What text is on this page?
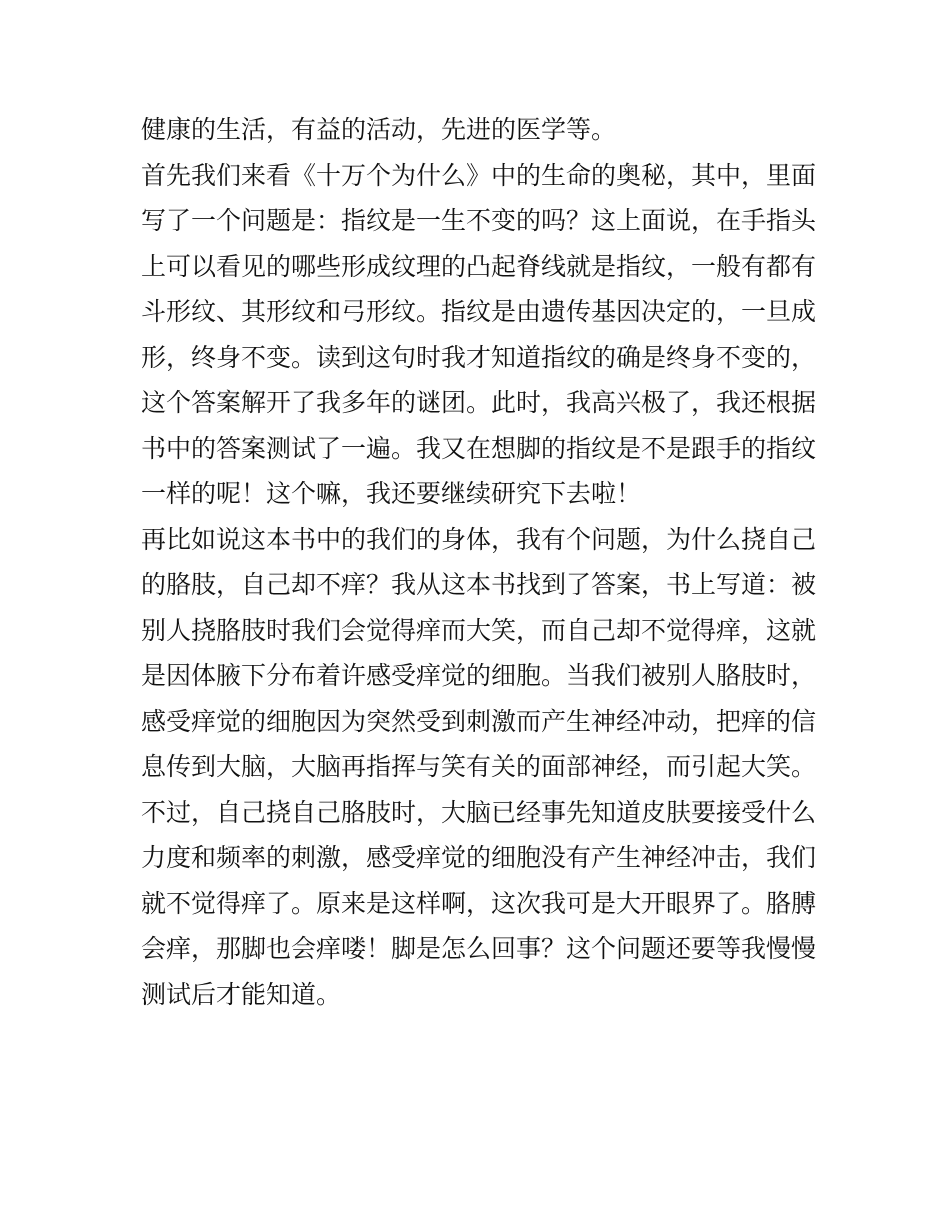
健康的生活，有益的活动，先进的医学等。
首先我们来看《十万个为什么》中的生命的奥秘，其中，里面
写了一个问题是：指纹是一生不变的吗？这上面说，在手指头
上可以看见的哪些形成纹理的凸起脊线就是指纹，一般有都有
斗形纹、其形纹和弓形纹。指纹是由遗传基因决定的，一旦成
形，终身不变。读到这句时我才知道指纹的确是终身不变的，
这个答案解开了我多年的谜团。此时，我高兴极了，我还根据
书中的答案测试了一遍。我又在想脚的指纹是不是跟手的指纹
一样的呢！这个嘛，我还要继续研究下去啦！
再比如说这本书中的我们的身体，我有个问题，为什么挠自己
的胳肢，自己却不痒？我从这本书找到了答案，书上写道：被
别人挠胳肢时我们会觉得痒而大笑，而自己却不觉得痒，这就
是因体腋下分布着许感受痒觉的细胞。当我们被别人胳肢时，
感受痒觉的细胞因为突然受到刺激而产生神经冲动，把痒的信
息传到大脑，大脑再指挥与笑有关的面部神经，而引起大笑。
不过，自己挠自己胳肢时，大脑已经事先知道皮肤要接受什么
力度和频率的刺激，感受痒觉的细胞没有产生神经冲击，我们
就不觉得痒了。原来是这样啊，这次我可是大开眼界了。胳膊
会痒，那脚也会痒喽！脚是怎么回事？这个问题还要等我慢慢
测试后才能知道。
